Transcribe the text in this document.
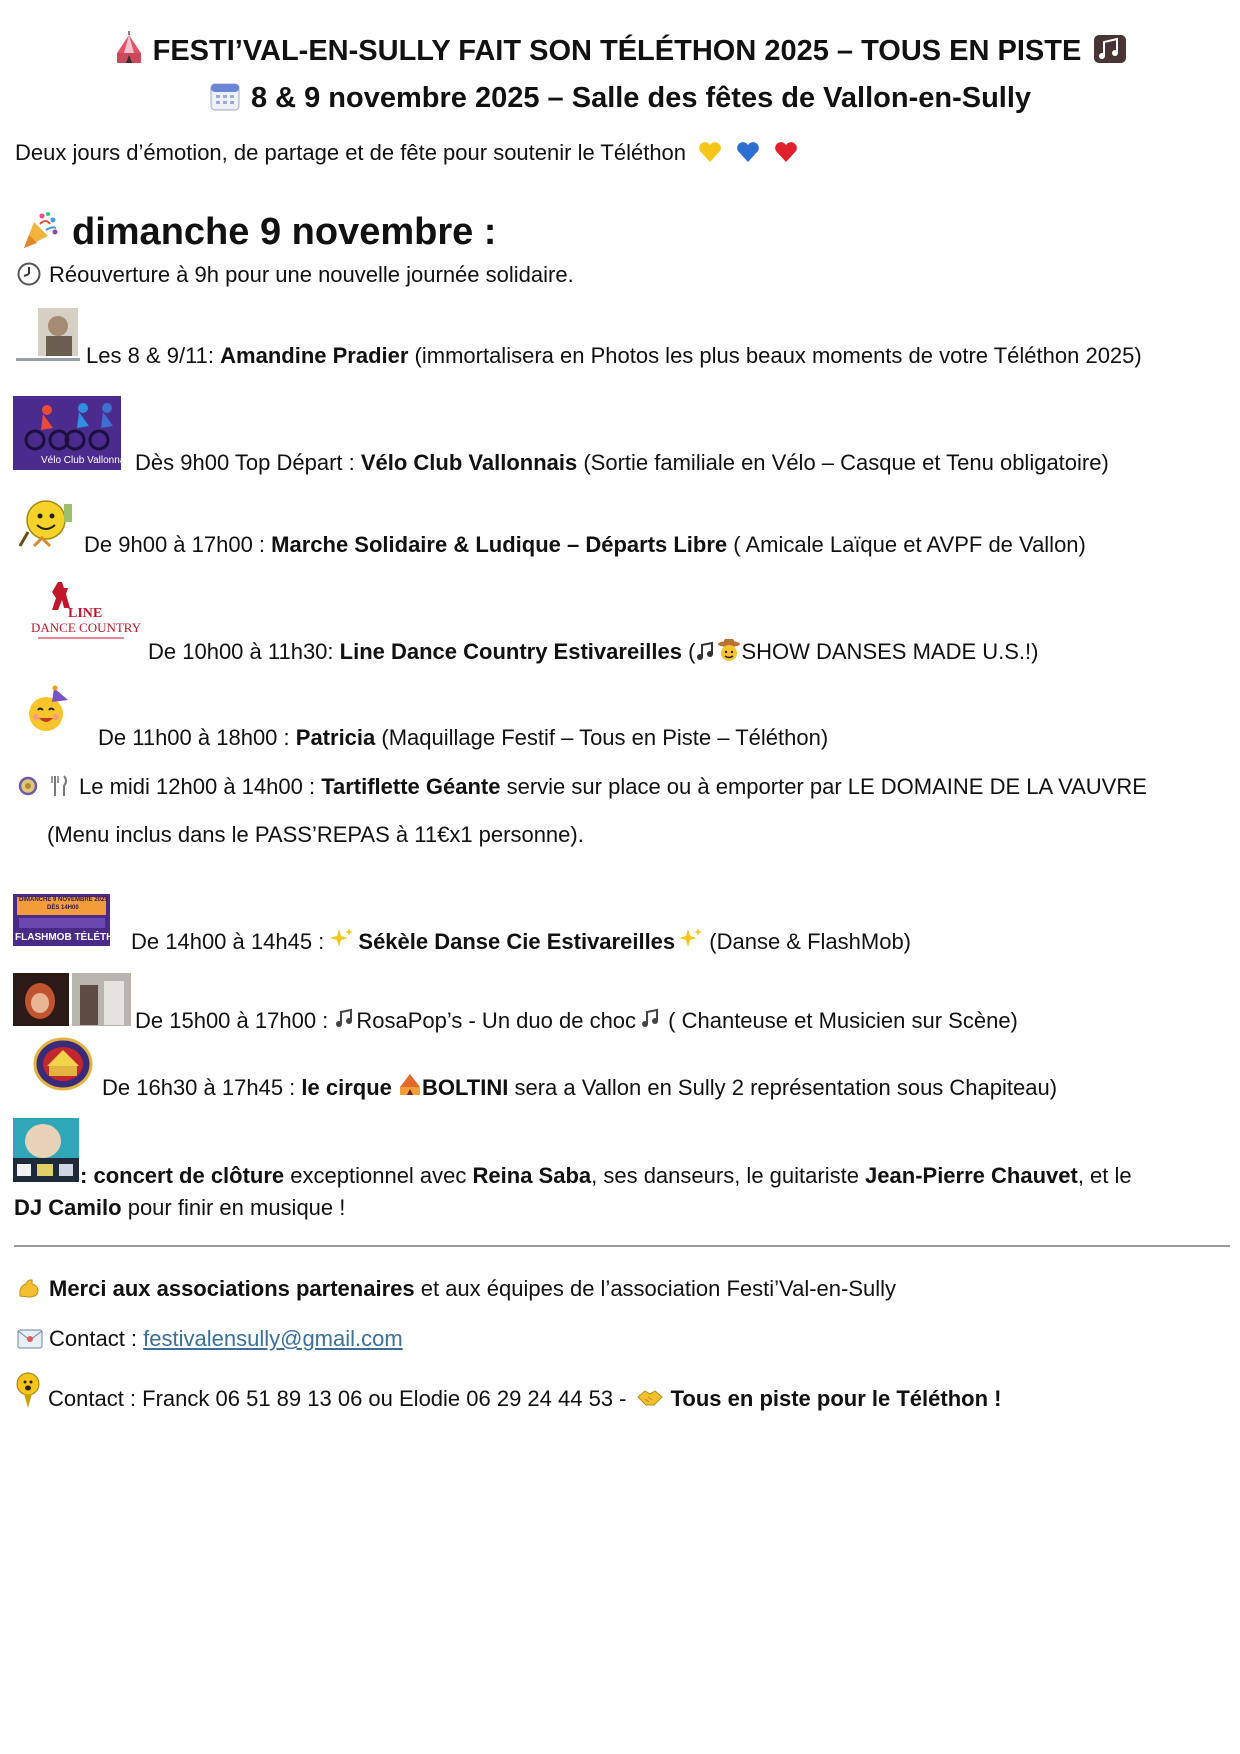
FESTI’VAL-EN-SULLY FAIT SON TÉLÉTHON 2025 – TOUS EN PISTE
8 & 9 novembre 2025 – Salle des fêtes de Vallon-en-Sully
Deux jours d’émotion, de partage et de fête pour soutenir le Téléthon
dimanche 9 novembre :
Réouverture à 9h pour une nouvelle journée solidaire.
Les 8 & 9/11: Amandine Pradier (immortalisera en Photos les plus beaux moments de votre Téléthon 2025)
Vélo Club Vallonnais Dès 9h00 Top Départ : Vélo Club Vallonnais (Sortie familiale en Vélo – Casque et Tenu obligatoire)
De 9h00 à 17h00 : Marche Solidaire & Ludique – Départs Libre ( Amicale Laïque et AVPF de Vallon)
LINE
DANCE COUNTRY
De 10h00 à 11h30: Line Dance Country Estivareilles ( SHOW DANSES MADE U.S.!)
De 11h00 à 18h00 : Patricia (Maquillage Festif – Tous en Piste – Téléthon)
Le midi 12h00 à 14h00 : Tartiflette Géante servie sur place ou à emporter par LE DOMAINE DE LA VAUVRE
(Menu inclus dans le PASS’REPAS à 11€x1 personne).
DIMANCHE 9 NOVEMBRE 2025
DÈS 14H00
FLASHMOB TÉLÉTHON De 14h00 à 14h45 : Sékèle Danse Cie Estivareilles (Danse & FlashMob)
De 15h00 à 17h00 : RosaPop’s - Un duo de choc ( Chanteuse et Musicien sur Scène)
De 16h30 à 17h45 : le cirque BOLTINI sera a Vallon en Sully 2 représentation sous Chapiteau)
: concert de clôture exceptionnel avec Reina Saba, ses danseurs, le guitariste Jean-Pierre Chauvet, et le
DJ Camilo pour finir en musique !
Merci aux associations partenaires et aux équipes de l’association Festi’Val-en-Sully
Contact : festivalensully@gmail.com
Contact : Franck 06 51 89 13 06 ou Elodie 06 29 24 44 53 - Tous en piste pour le Téléthon !
